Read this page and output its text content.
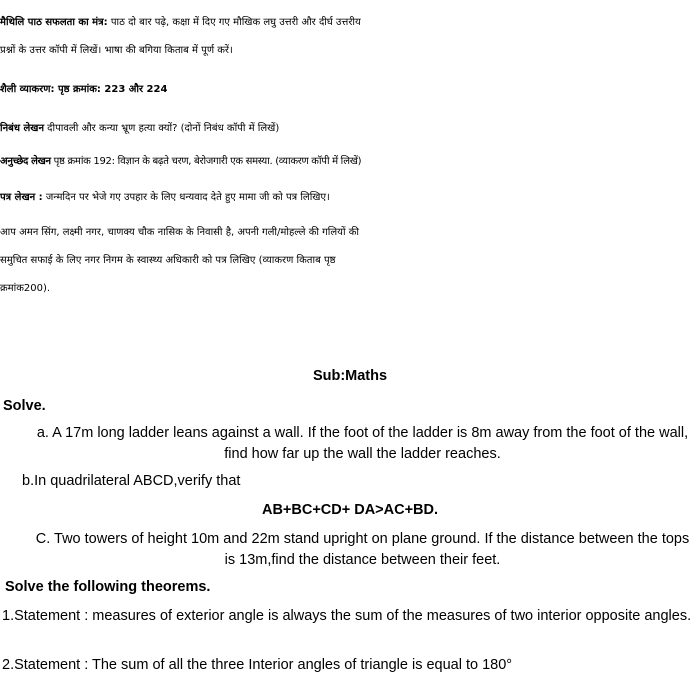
मैथिलि पाठ सफलता का मंत्र: पाठ दो बार पढ़े, कक्षा में दिए गए मौखिक लघु उत्तरी और दीर्घ उत्तरीय

प्रश्नों के उत्तर कॉपी में लिखें। भाषा की बगिया किताब में पूर्ण करें।

शैली व्याकरण: पृष्ठ क्रमांक: 223 और 224

निबंध लेखन दीपावली और कन्या भ्रूण हत्या क्यों? (दोनों निबंध कॉपी में लिखें)

अनुच्छेद लेखन पृष्ठ क्रमांक 192: विज्ञान के बढ़ते चरण, बेरोजगारी एक समस्या. (व्याकरण कॉपी में लिखें)

पत्र लेखन : जन्मदिन पर भेजे गए उपहार के लिए धन्यवाद देते हुए मामा जी को पत्र लिखिए।

आप अमन सिंग, लक्ष्मी नगर, चाणक्य चौक नासिक के निवासी है, अपनी गली/मोहल्ले की गलियों की

समुचित सफाई के लिए नगर निगम के स्वास्थ्य अधिकारी को पत्र लिखिए (व्याकरण किताब पृष्ठ

क्रमांक200).

Sub:Maths

Solve.

a. A 17m long ladder leans against a wall. If the foot of the ladder is 8m away from the foot of the wall, find how far up the wall the ladder reaches.

b.In quadrilateral ABCD,verify that

AB+BC+CD+ DA>AC+BD.

C. Two towers of height 10m and 22m stand upright on plane ground. If the distance between the tops is 13m,find the distance between their feet.

Solve the following theorems.

1.Statement : measures of exterior angle is always the sum of the measures of two interior opposite angles.

2.Statement : The sum of all the three Interior angles of triangle is equal to 180°
